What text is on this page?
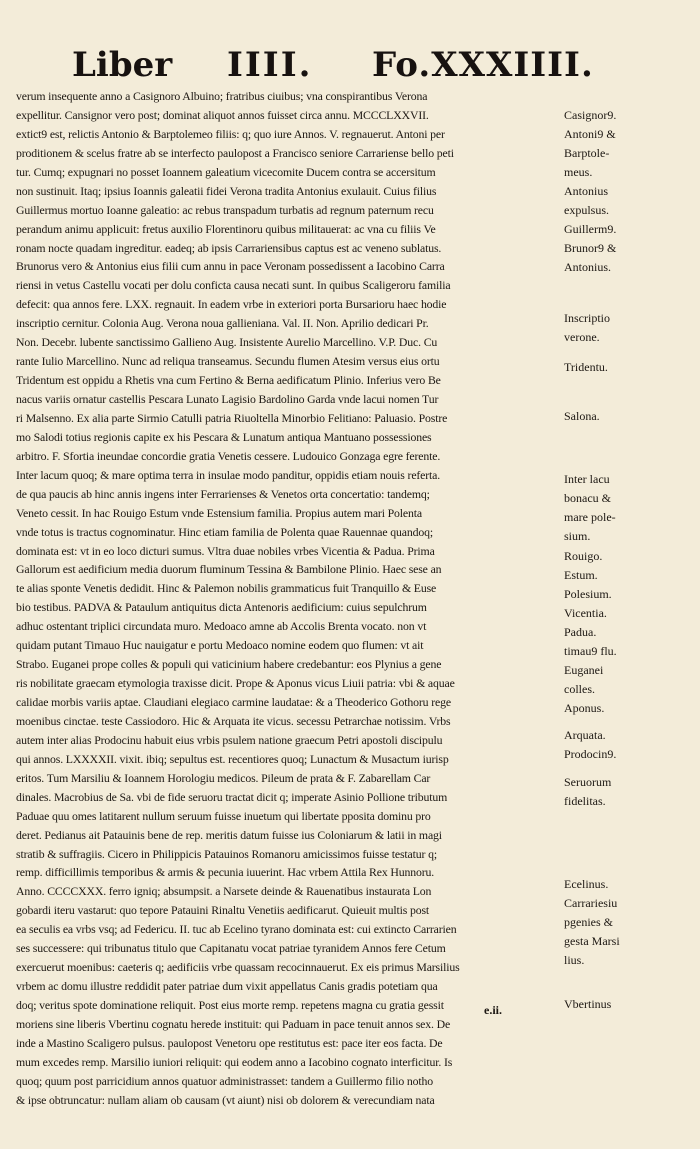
Liber IIII. Fo.XXXIIII.
verum insequente anno a Casignoro Albuino; fratribus ciuibus; vna conspirantibus Verona
expellitur. Cansignor vero post; dominat aliquot annos fuisset circa annu. MCCCLXXVII.
extict9 est, relictis Antonio & Barptolemeo filiis: q; quo iure Annos. V. regnauerut. Antoni per
proditionem & scelus fratre ab se interfecto paulopost a Francisco seniore Carrariense bello peti
tur. Cumq; expugnari no posset Ioannem galeatium vicecomite Ducem contra se accersitum
non sustinuit. Itaq; ipsius Ioannis galeatii fidei Verona tradita Antonius exulauit. Cuius filius
Guillermus mortuo Ioanne galeatio: ac rebus transpadum turbatis ad regnum paternum recu
perandum animu applicuit: fretus auxilio Florentinoru quibus militauerat: ac vna cu filiis Ve
ronam nocte quadam ingreditur. eadeq; ab ipsis Carrariensibus captus est ac veneno sublatus.
Brunorus vero & Antonius eius filii cum annu in pace Veronam possedissent a Iacobino Carra
riensi in vetus Castellu vocati per dolu conficta causa necati sunt. In quibus Scaligeroru familia
defecit: qua annos fere. LXX. regnauit. In eadem vrbe in exteriori porta Bursarioru haec hodie
inscriptio cernitur. Colonia Aug. Verona noua gallieniana. Val. II. Non. Aprilio dedicari Pr.
Non. Decebr. lubente sanctissimo Gallieno Aug. Insistente Aurelio Marcellino. V.P. Duc. Cu
rante Iulio Marcellino. Nunc ad reliqua transeamus. Secundu flumen Atesim versus eius ortu
Tridentum est oppidu a Rhetis vna cum Fertino & Berna aedificatum Plinio. Inferius vero Be
nacus variis ornatur castellis Pescara Lunato Lagisio Bardolino Garda vnde lacui nomen Tur
ri Malsenno. Ex alia parte Sirmio Catulli patria Riuoltella Minorbio Felitiano: Paluasio. Postre
mo Salodi totius regionis capite ex his Pescara & Lunatum antiqua Mantuano possessiones
arbitro. F. Sfortia ineundae concordie gratia Venetis cessere. Ludouico Gonzaga egre ferente.
Inter lacum quoq; & mare optima terra in insulae modo panditur, oppidis etiam nouis referta.
de qua paucis ab hinc annis ingens inter Ferrarienses & Venetos orta concertatio: tandemq;
Veneto cessit. In hac Rouigo Estum vnde Estensium familia. Propius autem mari Polenta
vnde totus is tractus cognominatur. Hinc etiam familia de Polenta quae Rauennae quandoq;
dominata est: vt in eo loco dicturi sumus. Vltra duae nobiles vrbes Vicentia & Padua. Prima
Gallorum est aedificium media duorum fluminum Tessina & Bambilone Plinio. Haec sese an
te alias sponte Venetis dedidit. Hinc & Palemon nobilis grammaticus fuit Tranquillo & Euse
bio testibus. PADVA & Pataulum antiquitus dicta Antenoris aedificium: cuius sepulchrum
adhuc ostentant triplici circundata muro. Medoaco amne ab Accolis Brenta vocato. non vt
quidam putant Timauo Huc nauigatur e portu Medoaco nomine eodem quo flumen: vt ait
Strabo. Euganei prope colles & populi qui vaticinium habere credebantur: eos Plynius a gene
ris nobilitate graecam etymologia traxisse dicit. Prope & Aponus vicus Liuii patria: vbi & aquae
calidae morbis variis aptae. Claudiani elegiaco carmine laudatae: & a Theoderico Gothoru rege
moenibus cinctae. teste Cassiodoro. Hic & Arquata ite vicus. secessu Petrarchae notissim. Vrbs
autem inter alias Prodocinu habuit eius vrbis psulem natione graecum Petri apostoli discipulu
qui annos. LXXXXII. vixit. ibiq; sepultus est. recentiores quoq; Lunactum & Musactum iurisp
eritos. Tum Marsiliu & Ioannem Horologiu medicos. Pileum de prata & F. Zabarellam Car
dinales. Macrobius de Sa. vbi de fide seruoru tractat dicit q; imperate Asinio Pollione tributum
Paduae quu omes latitarent nullum seruum fuisse inuetum qui libertate pposita dominu pro
deret. Pedianus ait Patauinis bene de rep. meritis datum fuisse ius Coloniarum & latii in magi
stratib & suffragiis. Cicero in Philippicis Patauinos Romanoru amicissimos fuisse testatur q;
remp. difficillimis temporibus & armis & pecunia iuuerint. Hac vrbem Attila Rex Hunnoru.
Anno. CCCCXXX. ferro igniq; absumpsit. a Narsete deinde & Rauenatibus instaurata Lon
gobardi iteru vastarut: quo tepore Patauini Rinaltu Venetiis aedificarut. Quieuit multis post
ea seculis ea vrbs vsq; ad Federicu. II. tuc ab Ecelino tyrano dominata est: cui extincto Carrarien
ses successere: qui tribunatus titulo que Capitanatu vocat patriae tyranidem Annos fere Cetum
exercuerut moenibus: caeteris q; aedificiis vrbe quassam recocinnauerut. Ex eis primus Marsilius
vrbem ac domu illustre reddidit pater patriae dum vixit appellatus Canis gradis potetiam qua
doq; veritus spote dominatione reliquit. Post eius morte remp. repetens magna cu gratia gessit
moriens sine liberis Vbertinu cognatu herede instituit: qui Paduam in pace tenuit annos sex. De
inde a Mastino Scaligero pulsus. paulopost Venetoru ope restitutus est: pace iter eos facta. De
mum excedes remp. Marsilio iuniori reliquit: qui eodem anno a Iacobino cognato interficitur. Is
quoq; quum post parricidium annos quatuor administrasset: tandem a Guillermo filio notho
& ipse obtruncatur: nullam aliam ob causam (vt aiunt) nisi ob dolorem & verecundiam nata
Casignor9.
Antoni9 &
Barptole-
meus.
Antonius
expulsus.
Guillerm9.
Brunor9 &
Antonius.
Inscriptio
verone.
Tridentu.
Salona.
Inter lacu
bonacu &
mare pole-
sium.
Rouigo.
Estum.
Polesium.
Vicentia.
Padua.
timau9 flu.
Euganei
colles.
Aponus.
Arquata.
Prodocin9.
Seruorum
fidelitas.
Ecelinus.
Carrariesiu
pgenies &
gesta Marsi
lius.
Vbertinus
e.ii.
